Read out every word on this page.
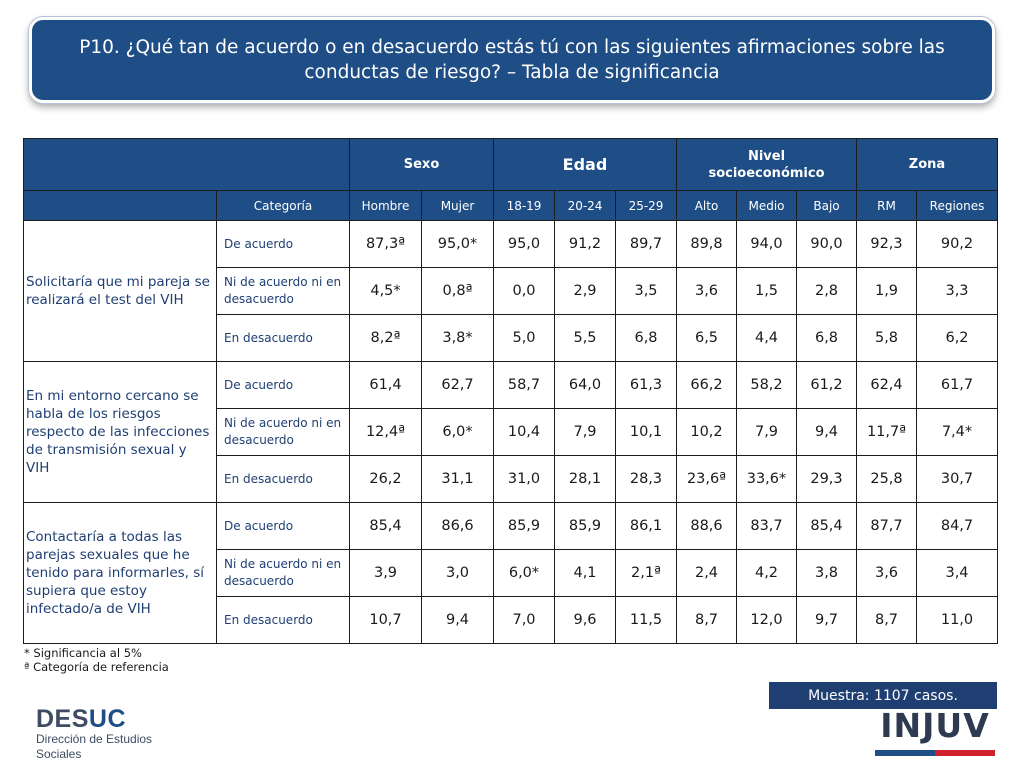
P10. ¿Qué tan de acuerdo o en desacuerdo estás tú con las siguientes afirmaciones sobre las conductas de riesgo? – Tabla de significancia
		Sexo		Edad			Nivel socioeconómico			Zona	
	Categoría	Hombre	Mujer	18-19	20-24	25-29	Alto	Medio	Bajo	RM	Regiones
Solicitaría que mi pareja se realizará el test del VIH	De acuerdo	87,3ª	95,0*	95,0	91,2	89,7	89,8	94,0	90,0	92,3	90,2
	Ni de acuerdo ni en desacuerdo	4,5*	0,8ª	0,0	2,9	3,5	3,6	1,5	2,8	1,9	3,3
	En desacuerdo	8,2ª	3,8*	5,0	5,5	6,8	6,5	4,4	6,8	5,8	6,2
En mi entorno cercano se habla de los riesgos respecto de las infecciones de transmisión sexual y VIH	De acuerdo	61,4	62,7	58,7	64,0	61,3	66,2	58,2	61,2	62,4	61,7
	Ni de acuerdo ni en desacuerdo	12,4ª	6,0*	10,4	7,9	10,1	10,2	7,9	9,4	11,7ª	7,4*
	En desacuerdo	26,2	31,1	31,0	28,1	28,3	23,6ª	33,6*	29,3	25,8	30,7
Contactaría a todas las parejas sexuales que he tenido para informarles, sí supiera que estoy infectado/a de VIH	De acuerdo	85,4	86,6	85,9	85,9	86,1	88,6	83,7	85,4	87,7	84,7
	Ni de acuerdo ni en desacuerdo	3,9	3,0	6,0*	4,1	2,1ª	2,4	4,2	3,8	3,6	3,4
	En desacuerdo	10,7	9,4	7,0	9,6	11,5	8,7	12,0	9,7	8,7	11,0
* Significancia al 5%
ª Categoría de referencia
Muestra: 1107 casos.
DESUC
Dirección de Estudios
Sociales
INJUV
